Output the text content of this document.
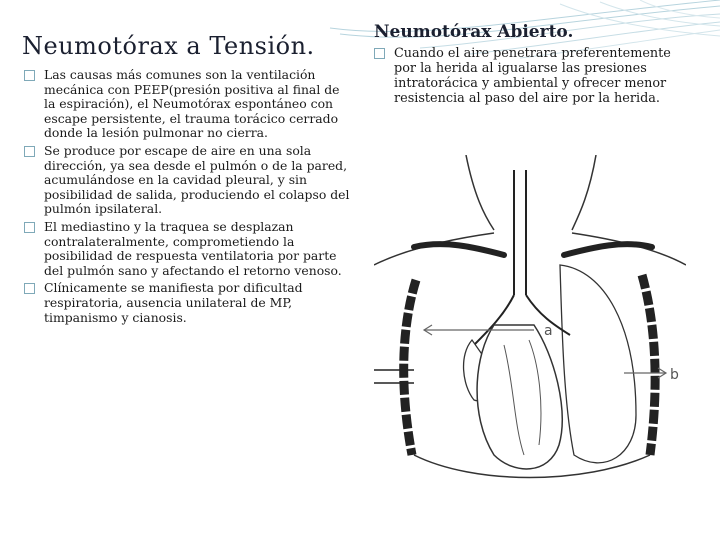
Neumotórax a Tensión.
Las causas más comunes son la ventilación mecánica con PEEP(presión positiva al final de la espiración), el Neumotórax espontáneo con escape persistente, el trauma torácico cerrado donde la lesión pulmonar no cierra.
Se produce por escape de aire en una sola dirección, ya sea desde el pulmón o de la pared, acumulándose en la cavidad pleural, y sin posibilidad de salida, produciendo el colapso del pulmón ipsilateral.
El mediastino y la traquea se desplazan contralateralmente, comprometiendo la posibilidad de respuesta ventilatoria por parte del pulmón sano y afectando el retorno venoso.
Clínicamente se manifiesta por dificultad respiratoria, ausencia unilateral de MP, timpanismo y cianosis.
Neumotórax Abierto.
Cuando el aire penetrara preferentemente por la herida al igualarse las presiones intratorácica y ambiental y ofrecer menor resistencia al paso del aire por la herida.
a
b
